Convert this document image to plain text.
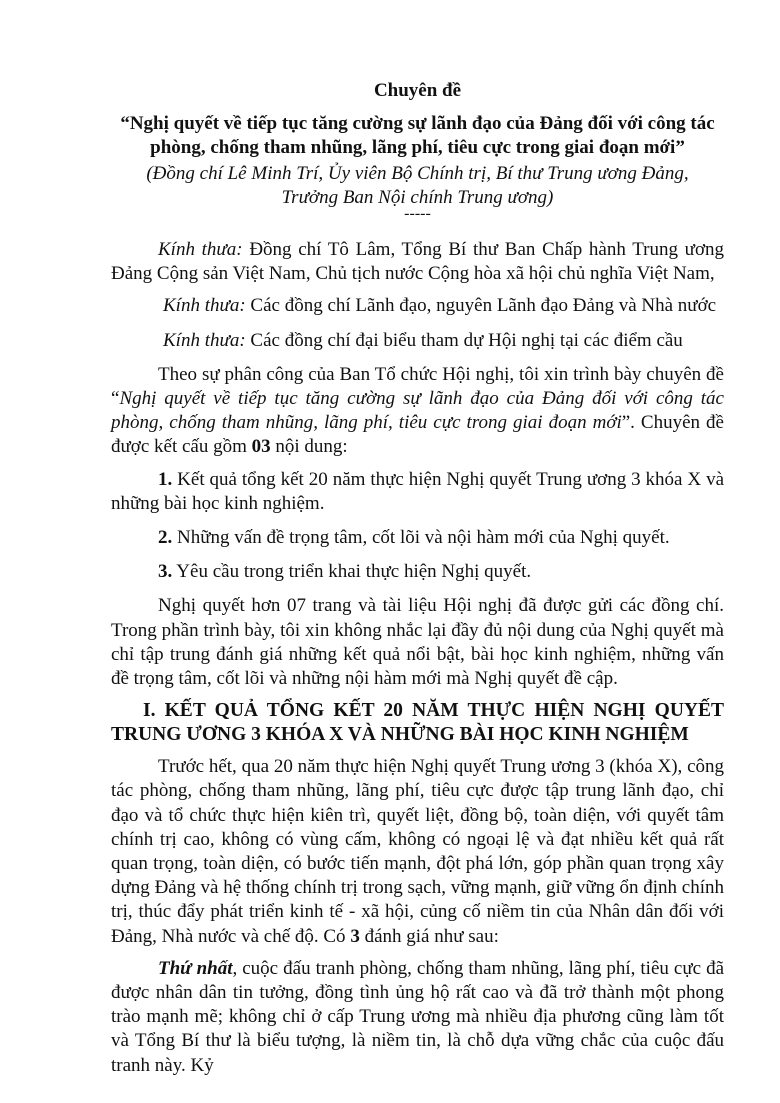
Chuyên đề
“Nghị quyết về tiếp tục tăng cường sự lãnh đạo của Đảng đối với công tác phòng, chống tham nhũng, lãng phí, tiêu cực trong giai đoạn mới”
(Đồng chí Lê Minh Trí, Ủy viên Bộ Chính trị, Bí thư Trung ương Đảng,
Trưởng Ban Nội chính Trung ương)
-----

Kính thưa: Đồng chí Tô Lâm, Tổng Bí thư Ban Chấp hành Trung ương Đảng Cộng sản Việt Nam, Chủ tịch nước Cộng hòa xã hội chủ nghĩa Việt Nam,

Kính thưa: Các đồng chí Lãnh đạo, nguyên Lãnh đạo Đảng và Nhà nước

Kính thưa: Các đồng chí đại biểu tham dự Hội nghị tại các điểm cầu

Theo sự phân công của Ban Tổ chức Hội nghị, tôi xin trình bày chuyên đề “Nghị quyết về tiếp tục tăng cường sự lãnh đạo của Đảng đối với công tác phòng, chống tham nhũng, lãng phí, tiêu cực trong giai đoạn mới”. Chuyên đề được kết cấu gồm 03 nội dung:

1. Kết quả tổng kết 20 năm thực hiện Nghị quyết Trung ương 3 khóa X và những bài học kinh nghiệm.

2. Những vấn đề trọng tâm, cốt lõi và nội hàm mới của Nghị quyết.

3. Yêu cầu trong triển khai thực hiện Nghị quyết.

Nghị quyết hơn 07 trang và tài liệu Hội nghị đã được gửi các đồng chí. Trong phần trình bày, tôi xin không nhắc lại đầy đủ nội dung của Nghị quyết mà chỉ tập trung đánh giá những kết quả nổi bật, bài học kinh nghiệm, những vấn đề trọng tâm, cốt lõi và những nội hàm mới mà Nghị quyết đề cập.

I. KẾT QUẢ TỔNG KẾT 20 NĂM THỰC HIỆN NGHỊ QUYẾT TRUNG ƯƠNG 3 KHÓA X VÀ NHỮNG BÀI HỌC KINH NGHIỆM

Trước hết, qua 20 năm thực hiện Nghị quyết Trung ương 3 (khóa X), công tác phòng, chống tham nhũng, lãng phí, tiêu cực được tập trung lãnh đạo, chỉ đạo và tổ chức thực hiện kiên trì, quyết liệt, đồng bộ, toàn diện, với quyết tâm chính trị cao, không có vùng cấm, không có ngoại lệ và đạt nhiều kết quả rất quan trọng, toàn diện, có bước tiến mạnh, đột phá lớn, góp phần quan trọng xây dựng Đảng và hệ thống chính trị trong sạch, vững mạnh, giữ vững ổn định chính trị, thúc đẩy phát triển kinh tế - xã hội, củng cố niềm tin của Nhân dân đối với Đảng, Nhà nước và chế độ. Có 3 đánh giá như sau:

Thứ nhất, cuộc đấu tranh phòng, chống tham nhũng, lãng phí, tiêu cực đã được nhân dân tin tưởng, đồng tình ủng hộ rất cao và đã trở thành một phong trào mạnh mẽ; không chỉ ở cấp Trung ương mà nhiều địa phương cũng làm tốt và Tổng Bí thư là biểu tượng, là niềm tin, là chỗ dựa vững chắc của cuộc đấu tranh này. Kỷ
